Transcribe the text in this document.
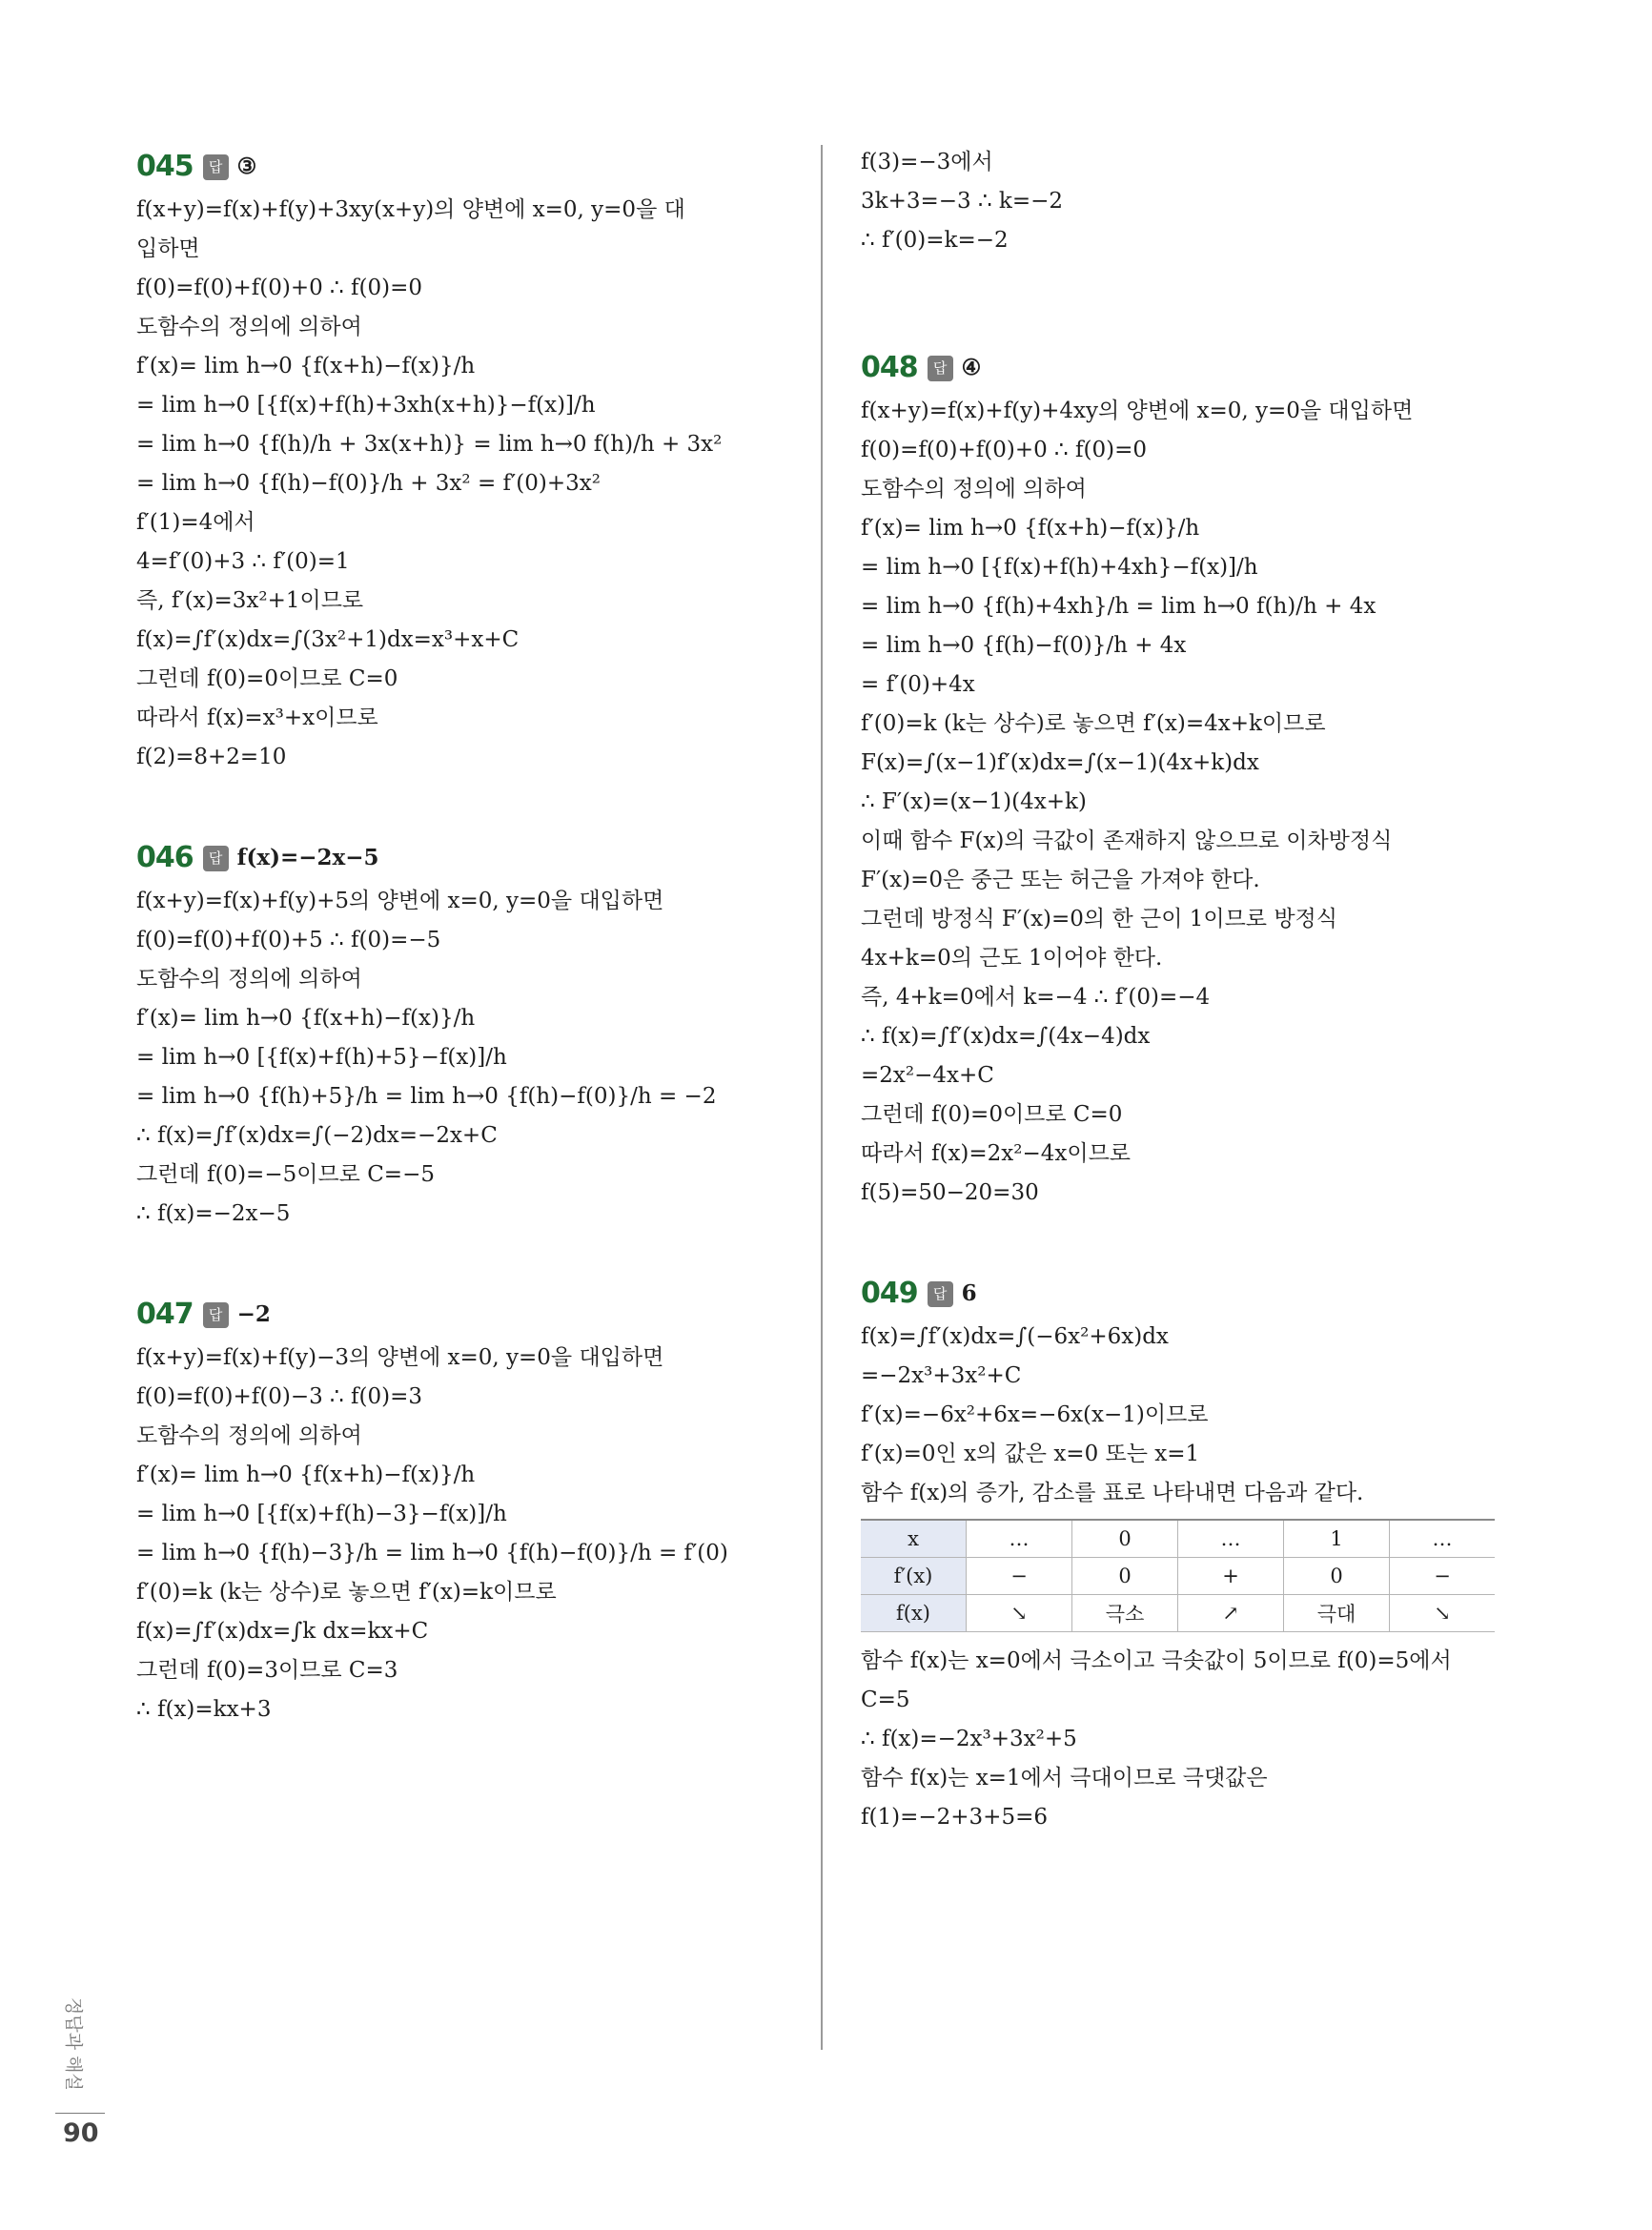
045	답 ③
f(x+y)=f(x)+f(y)+3xy(x+y)의 양변에 x=0, y=0을 대
입하면
f(0)=f(0)+f(0)+0 ∴ f(0)=0
도함수의 정의에 의하여
f′(x)= lim h→0 {f(x+h)−f(x)}/h
= lim h→0 [{f(x)+f(h)+3xh(x+h)}−f(x)]/h
= lim h→0 {f(h)/h + 3x(x+h)} = lim h→0 f(h)/h + 3x²
= lim h→0 {f(h)−f(0)}/h + 3x² = f′(0)+3x²
f′(1)=4에서
4=f′(0)+3 ∴ f′(0)=1
즉, f′(x)=3x²+1이므로
f(x)=∫f′(x)dx=∫(3x²+1)dx=x³+x+C
그런데 f(0)=0이므로 C=0
따라서 f(x)=x³+x이므로
f(2)=8+2=10
046	답 f(x)=−2x−5
f(x+y)=f(x)+f(y)+5의 양변에 x=0, y=0을 대입하면
f(0)=f(0)+f(0)+5 ∴ f(0)=−5
도함수의 정의에 의하여
f′(x)= lim h→0 {f(x+h)−f(x)}/h
= lim h→0 [{f(x)+f(h)+5}−f(x)]/h
= lim h→0 {f(h)+5}/h = lim h→0 {f(h)−f(0)}/h = −2
∴ f(x)=∫f′(x)dx=∫(−2)dx=−2x+C
그런데 f(0)=−5이므로 C=−5
∴ f(x)=−2x−5
047	답 −2
f(x+y)=f(x)+f(y)−3의 양변에 x=0, y=0을 대입하면
f(0)=f(0)+f(0)−3 ∴ f(0)=3
도함수의 정의에 의하여
f′(x)= lim h→0 {f(x+h)−f(x)}/h
= lim h→0 [{f(x)+f(h)−3}−f(x)]/h
= lim h→0 {f(h)−3}/h = lim h→0 {f(h)−f(0)}/h = f′(0)
f′(0)=k (k는 상수)로 놓으면 f′(x)=k이므로
f(x)=∫f′(x)dx=∫k dx=kx+C
그런데 f(0)=3이므로 C=3
∴ f(x)=kx+3
f(3)=−3에서
3k+3=−3 ∴ k=−2
∴ f′(0)=k=−2
048	답 ④
f(x+y)=f(x)+f(y)+4xy의 양변에 x=0, y=0을 대입하면
f(0)=f(0)+f(0)+0 ∴ f(0)=0
도함수의 정의에 의하여
f′(x)= lim h→0 {f(x+h)−f(x)}/h
= lim h→0 [{f(x)+f(h)+4xh}−f(x)]/h
= lim h→0 {f(h)+4xh}/h = lim h→0 f(h)/h + 4x
= lim h→0 {f(h)−f(0)}/h + 4x
= f′(0)+4x
f′(0)=k (k는 상수)로 놓으면 f′(x)=4x+k이므로
F(x)=∫(x−1)f′(x)dx=∫(x−1)(4x+k)dx
∴ F′(x)=(x−1)(4x+k)
이때 함수 F(x)의 극값이 존재하지 않으므로 이차방정식
F′(x)=0은 중근 또는 허근을 가져야 한다.
그런데 방정식 F′(x)=0의 한 근이 1이므로 방정식
4x+k=0의 근도 1이어야 한다.
즉, 4+k=0에서 k=−4 ∴ f′(0)=−4
∴ f(x)=∫f′(x)dx=∫(4x−4)dx
=2x²−4x+C
그런데 f(0)=0이므로 C=0
따라서 f(x)=2x²−4x이므로
f(5)=50−20=30
049	답 6
f(x)=∫f′(x)dx=∫(−6x²+6x)dx
=−2x³+3x²+C
f′(x)=−6x²+6x=−6x(x−1)이므로
f′(x)=0인 x의 값은 x=0 또는 x=1
함수 f(x)의 증가, 감소를 표로 나타내면 다음과 같다.
x	…	0	…	1	…
f′(x)	−	0	+	0	−
f(x)	↘	극소	↗	극대	↘
함수 f(x)는 x=0에서 극소이고 극솟값이 5이므로 f(0)=5에서
C=5
∴ f(x)=−2x³+3x²+5
함수 f(x)는 x=1에서 극대이므로 극댓값은
f(1)=−2+3+5=6
정답과 해설
90
